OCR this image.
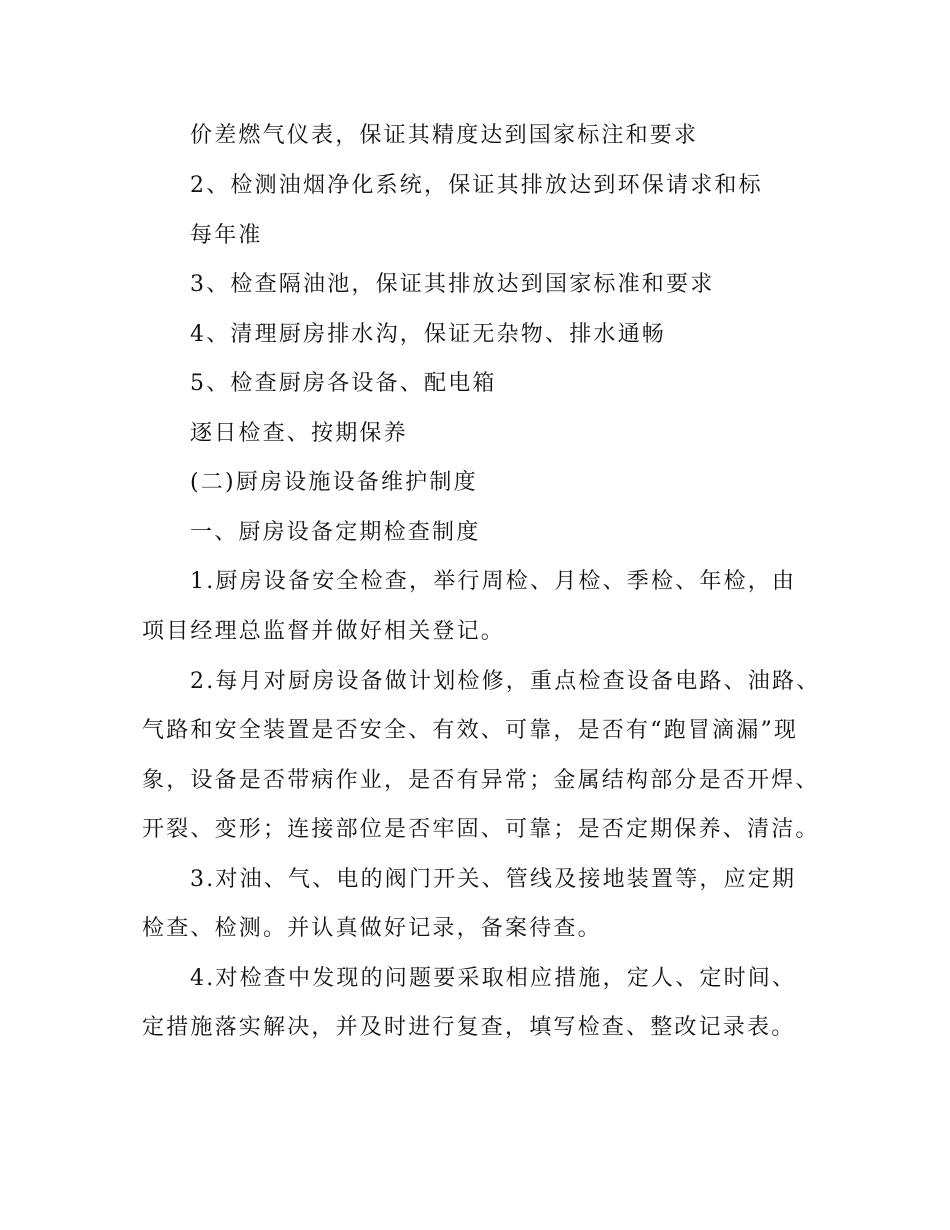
价差燃气仪表，保证其精度达到国家标注和要求
2、检测油烟净化系统，保证其排放达到环保请求和标
每年准
3、检查隔油池，保证其排放达到国家标准和要求
4、清理厨房排水沟，保证无杂物、排水通畅
5、检查厨房各设备、配电箱
逐日检查、按期保养
(二)厨房设施设备维护制度
一、厨房设备定期检查制度
1.厨房设备安全检查，举行周检、月检、季检、年检，由
项目经理总监督并做好相关登记。
2.每月对厨房设备做计划检修，重点检查设备电路、油路、
气路和安全装置是否安全、有效、可靠，是否有“跑冒滴漏”现
象，设备是否带病作业，是否有异常；金属结构部分是否开焊、
开裂、变形；连接部位是否牢固、可靠；是否定期保养、清洁。
3.对油、气、电的阀门开关、管线及接地装置等，应定期
检查、检测。并认真做好记录，备案待查。
4.对检查中发现的问题要采取相应措施，定人、定时间、
定措施落实解决，并及时进行复查，填写检查、整改记录表。
